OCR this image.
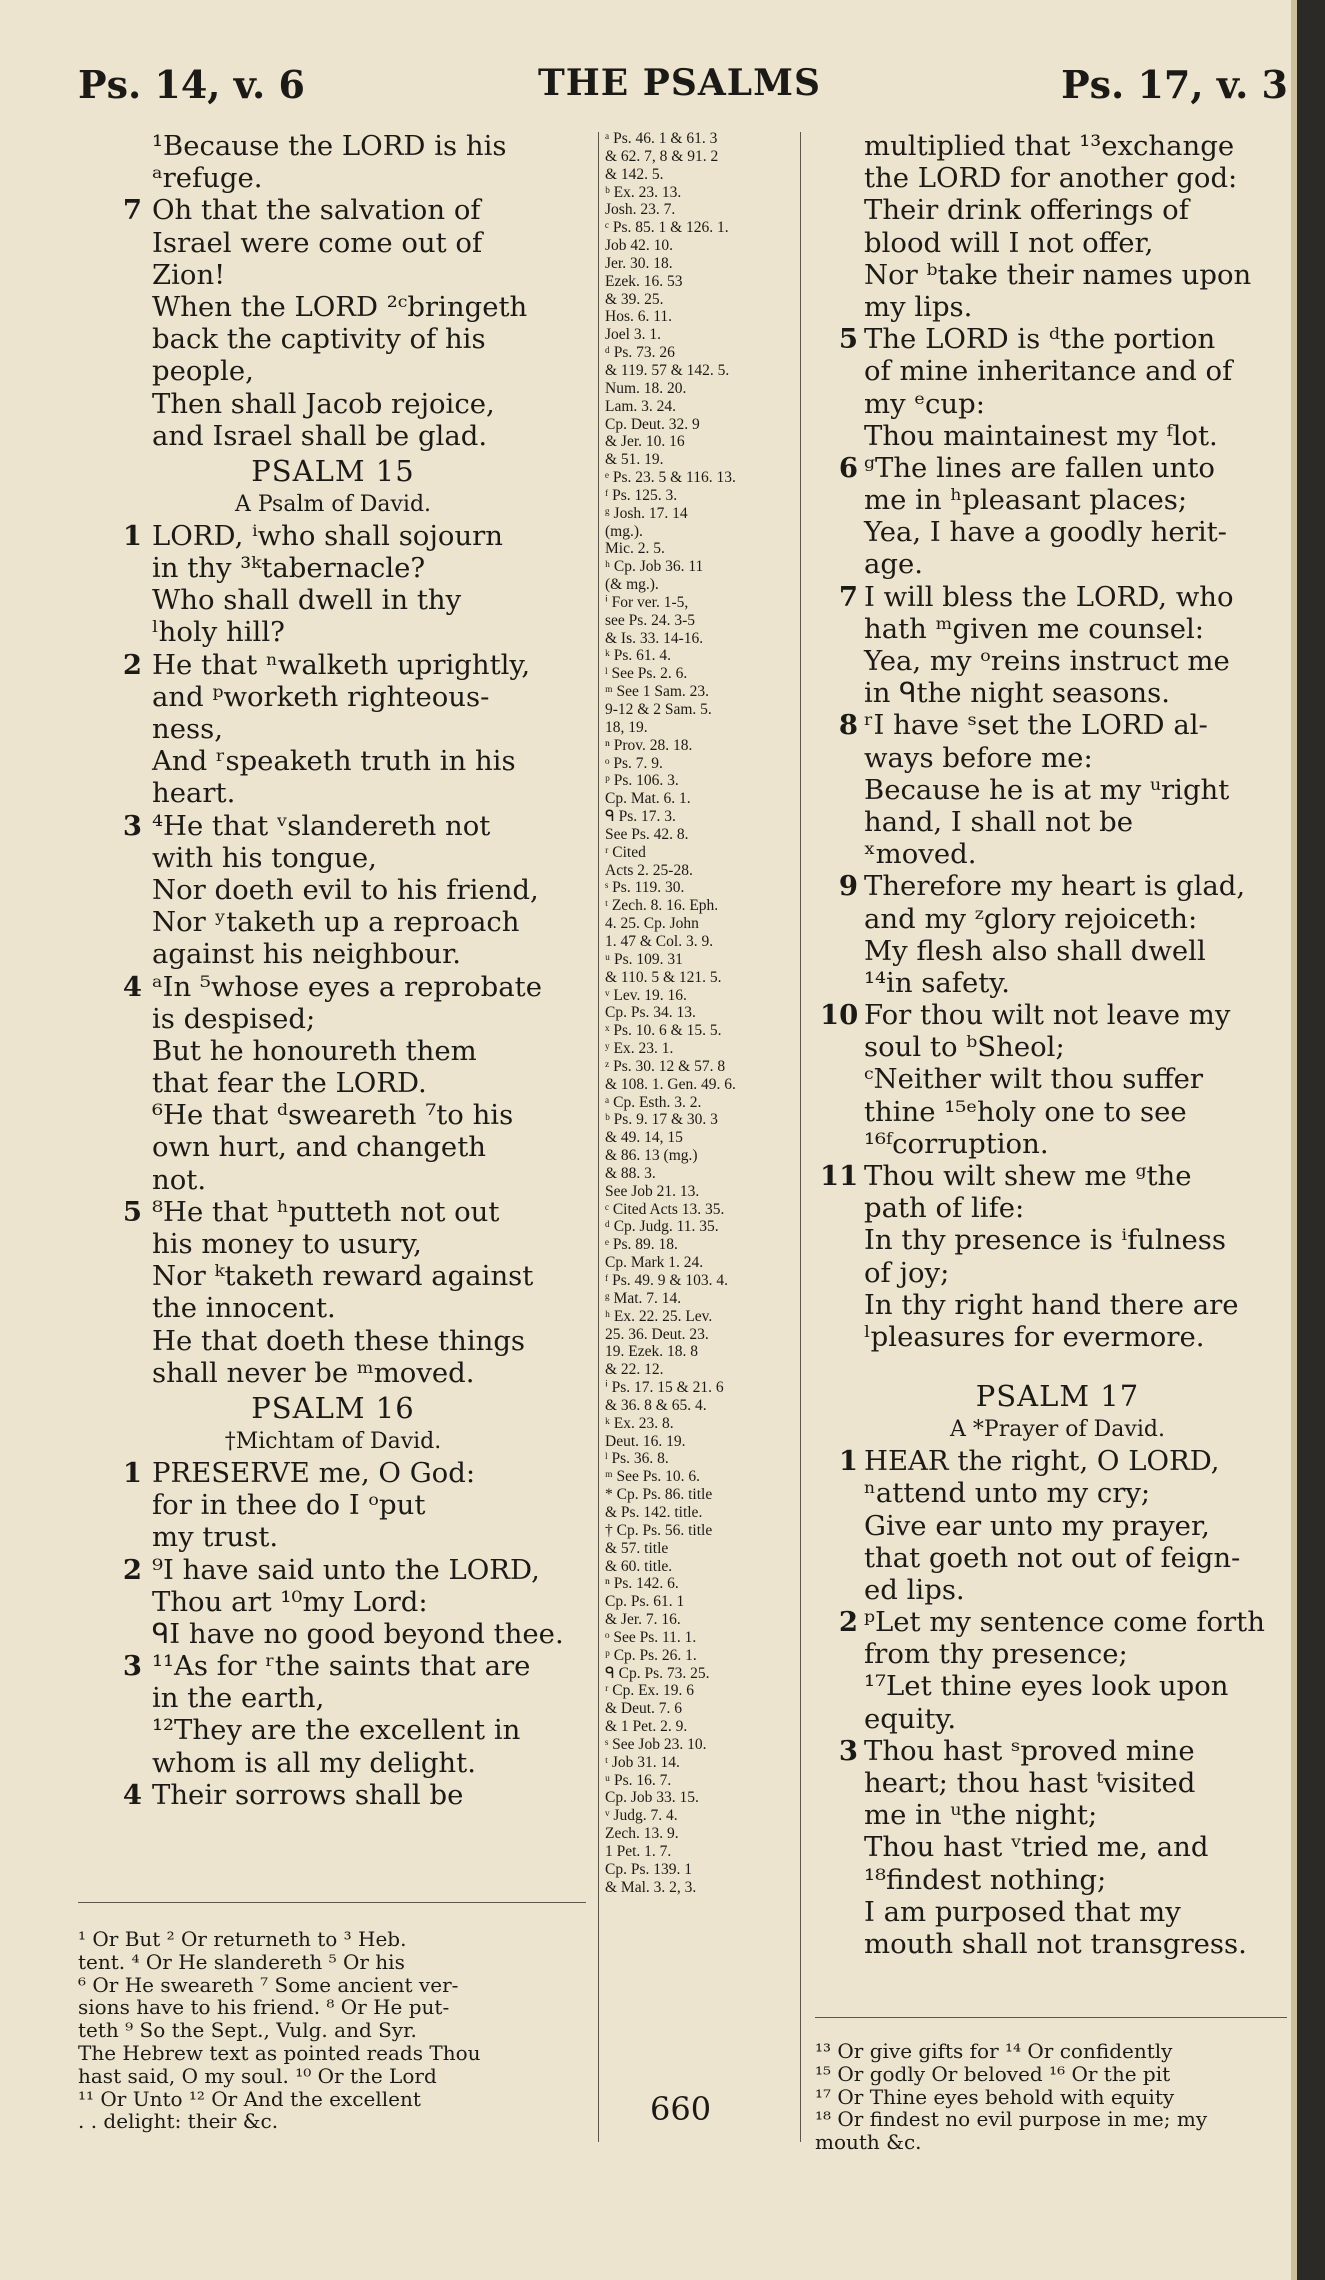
Ps. 14, v. 6	THE PSALMS	Ps. 17, v. 3
¹Because the LORD is his
ᵃrefuge.
7 Oh that the salvation of
Israel were come out of
Zion!
When the LORD ²ᶜbringeth
back the captivity of his
people,
Then shall Jacob rejoice,
and Israel shall be glad.
PSALM 15
A Psalm of David.
1 LORD, ⁱwho shall sojourn
in thy ³ᵏtabernacle?
Who shall dwell in thy
ˡholy hill?
2 He that ⁿwalketh uprightly,
and ᵖworketh righteous-
ness,
And ʳspeaketh truth in his
heart.
3 ⁴He that ᵛslandereth not
with his tongue,
Nor doeth evil to his friend,
Nor ʸtaketh up a reproach
against his neighbour.
4 ᵃIn ⁵whose eyes a reprobate
is despised;
But he honoureth them
that fear the LORD.
⁶He that ᵈsweareth ⁷to his
own hurt, and changeth
not.
5 ⁸He that ʰputteth not out
his money to usury,
Nor ᵏtaketh reward against
the innocent.
He that doeth these things
shall never be ᵐmoved.
PSALM 16
†Michtam of David.
1 PRESERVE me, O God:
for in thee do I ᵒput
my trust.
2 ⁹I have said unto the LORD,
Thou art ¹⁰my Lord:
ᑫI have no good beyond thee.
3 ¹¹As for ʳthe saints that are
in the earth,
¹²They are the excellent in
whom is all my delight.
4 Their sorrows shall be
ᵃ Ps. 46. 1 & 61. 3
& 62. 7, 8 & 91. 2
& 142. 5.
ᵇ Ex. 23. 13.
Josh. 23. 7.
ᶜ Ps. 85. 1 & 126. 1.
Job 42. 10.
Jer. 30. 18.
Ezek. 16. 53
& 39. 25.
Hos. 6. 11.
Joel 3. 1.
ᵈ Ps. 73. 26
& 119. 57 & 142. 5.
Num. 18. 20.
Lam. 3. 24.
Cp. Deut. 32. 9
& Jer. 10. 16
& 51. 19.
ᵉ Ps. 23. 5 & 116. 13.
ᶠ Ps. 125. 3.
ᵍ Josh. 17. 14
(mg.).
Mic. 2. 5.
ʰ Cp. Job 36. 11
(& mg.).
ⁱ For ver. 1-5,
see Ps. 24. 3-5
& Is. 33. 14-16.
ᵏ Ps. 61. 4.
ˡ See Ps. 2. 6.
ᵐ See 1 Sam. 23.
9-12 & 2 Sam. 5.
18, 19.
ⁿ Prov. 28. 18.
ᵒ Ps. 7. 9.
ᵖ Ps. 106. 3.
Cp. Mat. 6. 1.
ᑫ Ps. 17. 3.
See Ps. 42. 8.
ʳ Cited
Acts 2. 25-28.
ˢ Ps. 119. 30.
ᵗ Zech. 8. 16. Eph.
4. 25. Cp. John
1. 47 & Col. 3. 9.
ᵘ Ps. 109. 31
& 110. 5 & 121. 5.
ᵛ Lev. 19. 16.
Cp. Ps. 34. 13.
ˣ Ps. 10. 6 & 15. 5.
ʸ Ex. 23. 1.
ᶻ Ps. 30. 12 & 57. 8
& 108. 1. Gen. 49. 6.
ᵃ Cp. Esth. 3. 2.
ᵇ Ps. 9. 17 & 30. 3
& 49. 14, 15
& 86. 13 (mg.)
& 88. 3.
See Job 21. 13.
ᶜ Cited Acts 13. 35.
ᵈ Cp. Judg. 11. 35.
ᵉ Ps. 89. 18.
Cp. Mark 1. 24.
ᶠ Ps. 49. 9 & 103. 4.
ᵍ Mat. 7. 14.
ʰ Ex. 22. 25. Lev.
25. 36. Deut. 23.
19. Ezek. 18. 8
& 22. 12.
ⁱ Ps. 17. 15 & 21. 6
& 36. 8 & 65. 4.
ᵏ Ex. 23. 8.
Deut. 16. 19.
ˡ Ps. 36. 8.
ᵐ See Ps. 10. 6.
* Cp. Ps. 86. title
& Ps. 142. title.
† Cp. Ps. 56. title
& 57. title
& 60. title.
ⁿ Ps. 142. 6.
Cp. Ps. 61. 1
& Jer. 7. 16.
ᵒ See Ps. 11. 1.
ᵖ Cp. Ps. 26. 1.
ᑫ Cp. Ps. 73. 25.
ʳ Cp. Ex. 19. 6
& Deut. 7. 6
& 1 Pet. 2. 9.
ˢ See Job 23. 10.
ᵗ Job 31. 14.
ᵘ Ps. 16. 7.
Cp. Job 33. 15.
ᵛ Judg. 7. 4.
Zech. 13. 9.
1 Pet. 1. 7.
Cp. Ps. 139. 1
& Mal. 3. 2, 3.
multiplied that ¹³exchange
the LORD for another god:
Their drink offerings of
blood will I not offer,
Nor ᵇtake their names upon
my lips.
5 The LORD is ᵈthe portion
of mine inheritance and of
my ᵉcup:
Thou maintainest my ᶠlot.
6 ᵍThe lines are fallen unto
me in ʰpleasant places;
Yea, I have a goodly herit-
age.
7 I will bless the LORD, who
hath ᵐgiven me counsel:
Yea, my ᵒreins instruct me
in ᑫthe night seasons.
8 ʳI have ˢset the LORD al-
ways before me:
Because he is at my ᵘright
hand, I shall not be
ˣmoved.
9 Therefore my heart is glad,
and my ᶻglory rejoiceth:
My flesh also shall dwell
¹⁴in safety.
10 For thou wilt not leave my
soul to ᵇSheol;
ᶜNeither wilt thou suffer
thine ¹⁵ᵉholy one to see
¹⁶ᶠcorruption.
11 Thou wilt shew me ᵍthe
path of life:
In thy presence is ⁱfulness
of joy;
In thy right hand there are
ˡpleasures for evermore.
PSALM 17
A *Prayer of David.
1 HEAR the right, O LORD,
ⁿattend unto my cry;
Give ear unto my prayer,
that goeth not out of feign-
ed lips.
2 ᵖLet my sentence come forth
from thy presence;
¹⁷Let thine eyes look upon
equity.
3 Thou hast ˢproved mine
heart; thou hast ᵗvisited
me in ᵘthe night;
Thou hast ᵛtried me, and
¹⁸findest nothing;
I am purposed that my
mouth shall not transgress.
¹ Or But ² Or returneth to ³ Heb.
tent. ⁴ Or He slandereth ⁵ Or his
⁶ Or He sweareth ⁷ Some ancient ver-
sions have to his friend. ⁸ Or He put-
teth ⁹ So the Sept., Vulg. and Syr.
The Hebrew text as pointed reads Thou
hast said, O my soul. ¹⁰ Or the Lord
¹¹ Or Unto ¹² Or And the excellent
. . delight: their &c.
¹³ Or give gifts for ¹⁴ Or confidently
¹⁵ Or godly Or beloved ¹⁶ Or the pit
¹⁷ Or Thine eyes behold with equity
¹⁸ Or findest no evil purpose in me; my
mouth &c.
660
